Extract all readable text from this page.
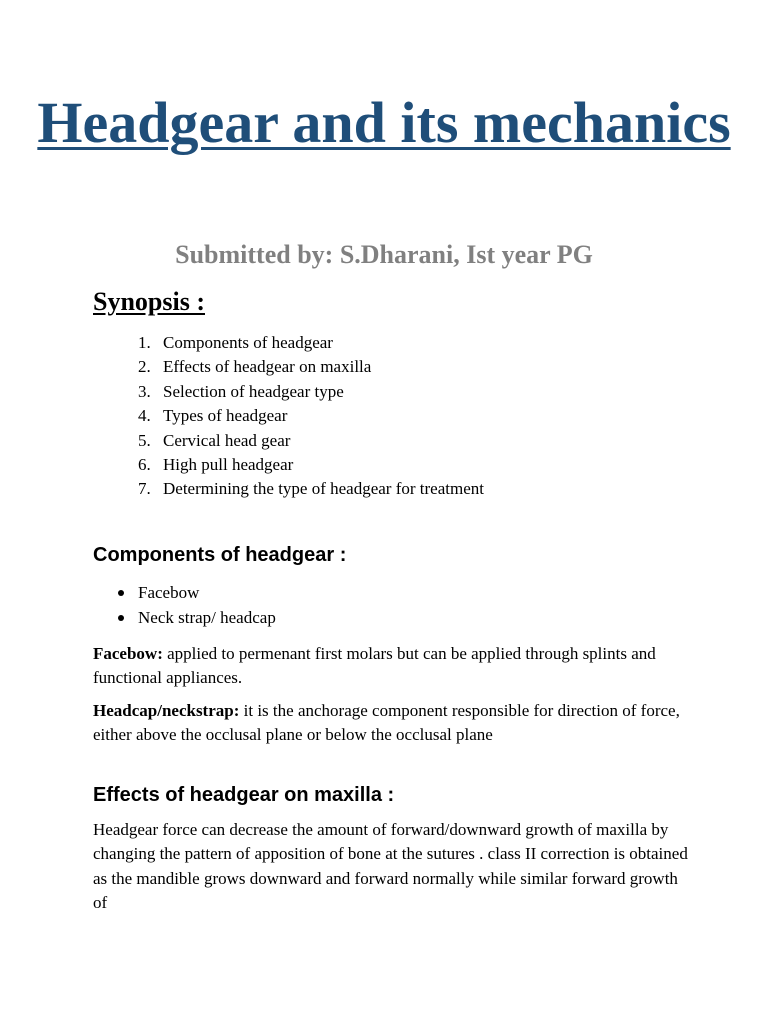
Headgear and its mechanics
Submitted by: S.Dharani, Ist year PG
Synopsis :
1. Components of headgear
2. Effects of headgear on maxilla
3. Selection of headgear type
4. Types of headgear
5. Cervical head gear
6. High pull headgear
7. Determining the type of headgear for treatment
Components of headgear :
Facebow
Neck strap/ headcap
Facebow: applied to permenant first molars but can be applied through splints and functional appliances.
Headcap/neckstrap: it is the anchorage component responsible for direction of force, either above the occlusal plane or below the occlusal plane
Effects of headgear on maxilla :
Headgear force can decrease the amount of forward/downward growth of maxilla by changing the pattern of apposition of bone at the sutures . class II correction is obtained as the mandible grows downward and forward normally while similar forward growth of
